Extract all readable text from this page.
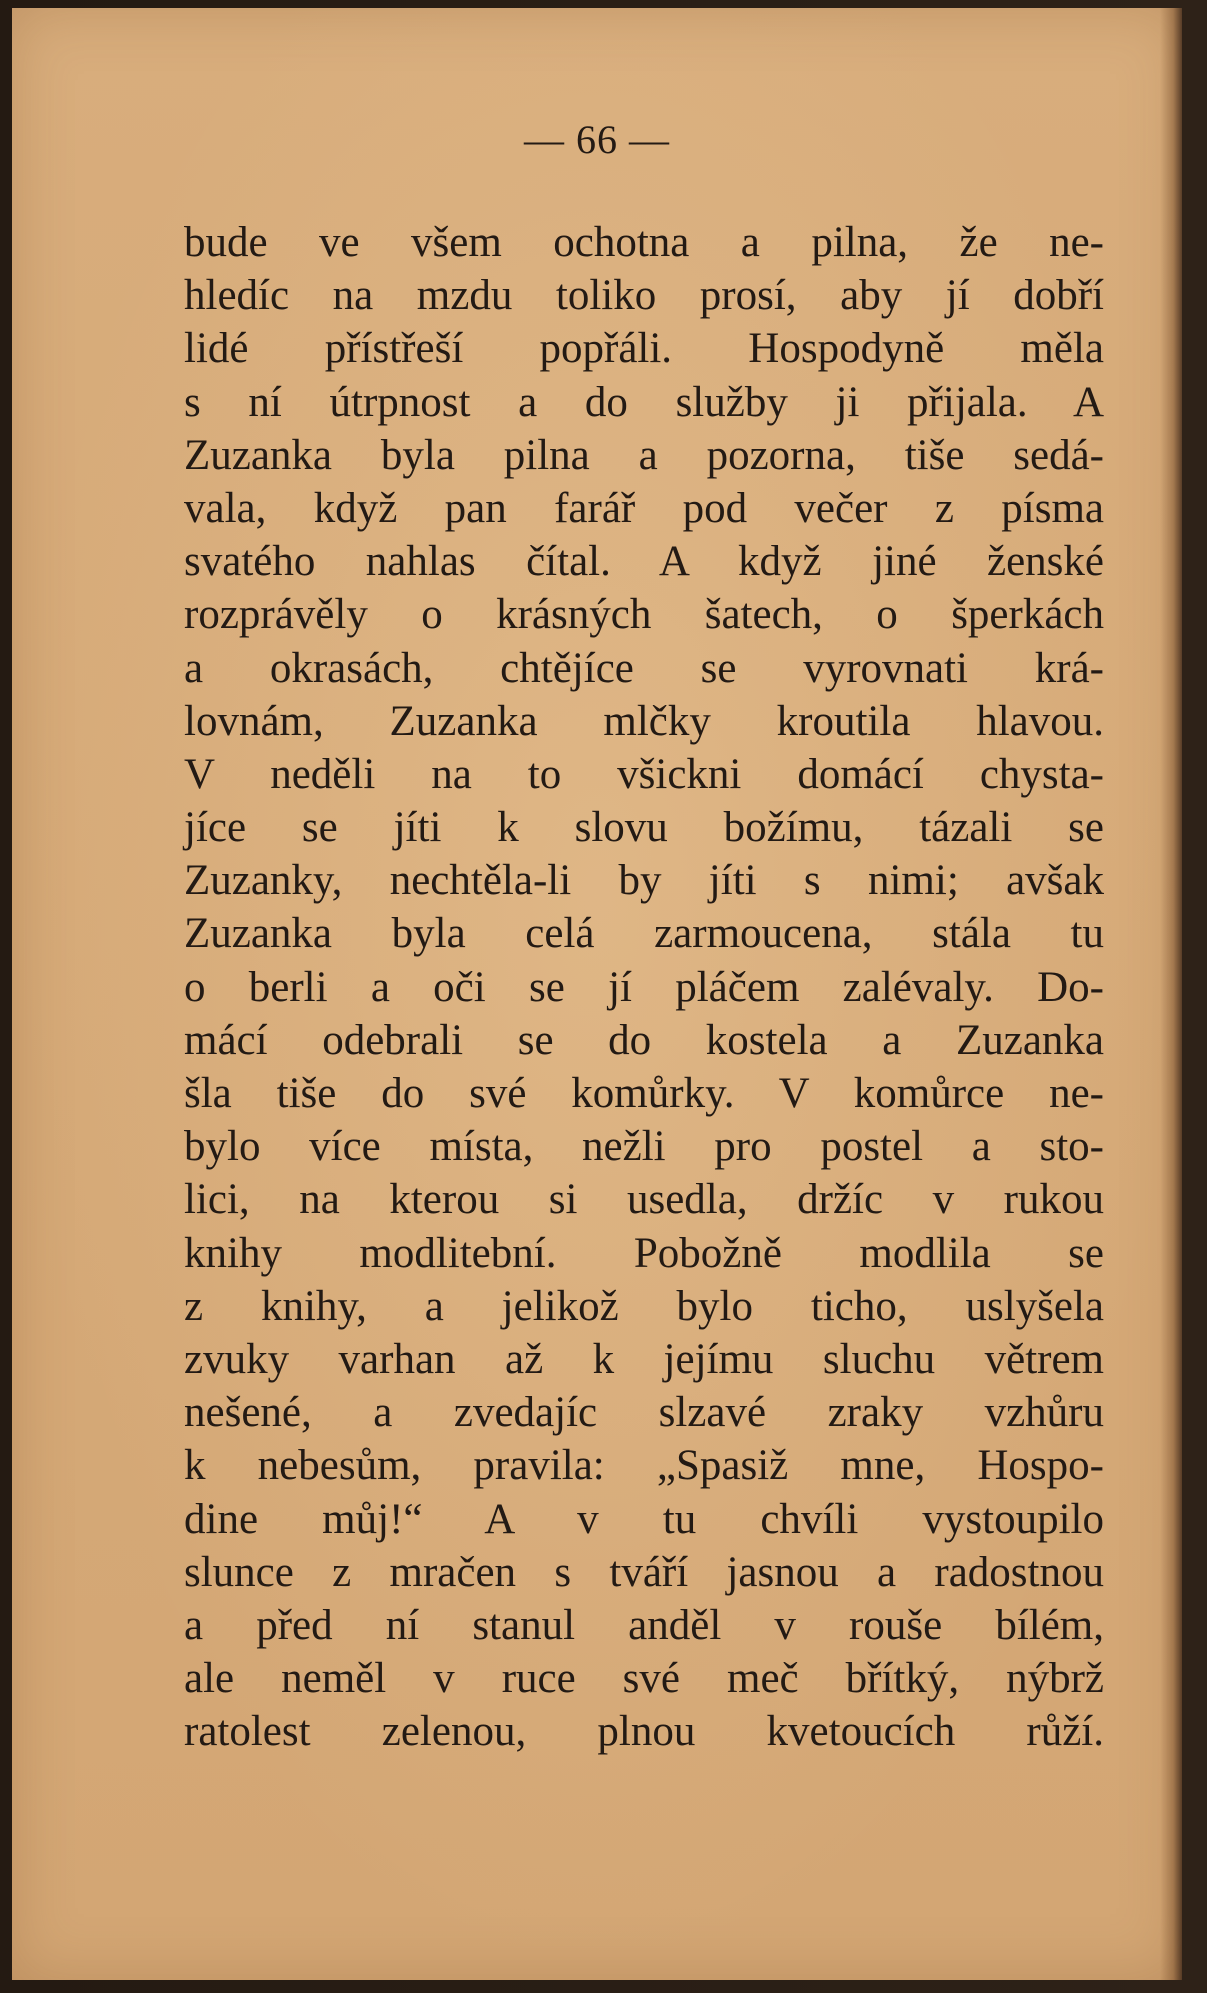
— 66 —
bude ve všem ochotna a pilna, že ne-
hledíc na mzdu toliko prosí, aby jí dobří
lidé přístřeší popřáli. Hospodyně měla
s ní útrpnost a do služby ji přijala. A
Zuzanka byla pilna a pozorna, tiše sedá-
vala, když pan farář pod večer z písma
svatého nahlas čítal. A když jiné ženské
rozprávěly o krásných šatech, o šperkách
a okrasách, chtějíce se vyrovnati krá-
lovnám, Zuzanka mlčky kroutila hlavou.
V neděli na to všickni domácí chysta-
jíce se jíti k slovu božímu, tázali se
Zuzanky, nechtěla-li by jíti s nimi; avšak
Zuzanka byla celá zarmoucena, stála tu
o berli a oči se jí pláčem zalévaly. Do-
mácí odebrali se do kostela a Zuzanka
šla tiše do své komůrky. V komůrce ne-
bylo více místa, nežli pro postel a sto-
lici, na kterou si usedla, držíc v rukou
knihy modlitební. Pobožně modlila se
z knihy, a jelikož bylo ticho, uslyšela
zvuky varhan až k jejímu sluchu větrem
nešené, a zvedajíc slzavé zraky vzhůru
k nebesům, pravila: „Spasiž mne, Hospo-
dine můj!“ A v tu chvíli vystoupilo
slunce z mračen s tváří jasnou a radostnou
a před ní stanul anděl v rouše bílém,
ale neměl v ruce své meč břítký, nýbrž
ratolest zelenou, plnou kvetoucích růží.
